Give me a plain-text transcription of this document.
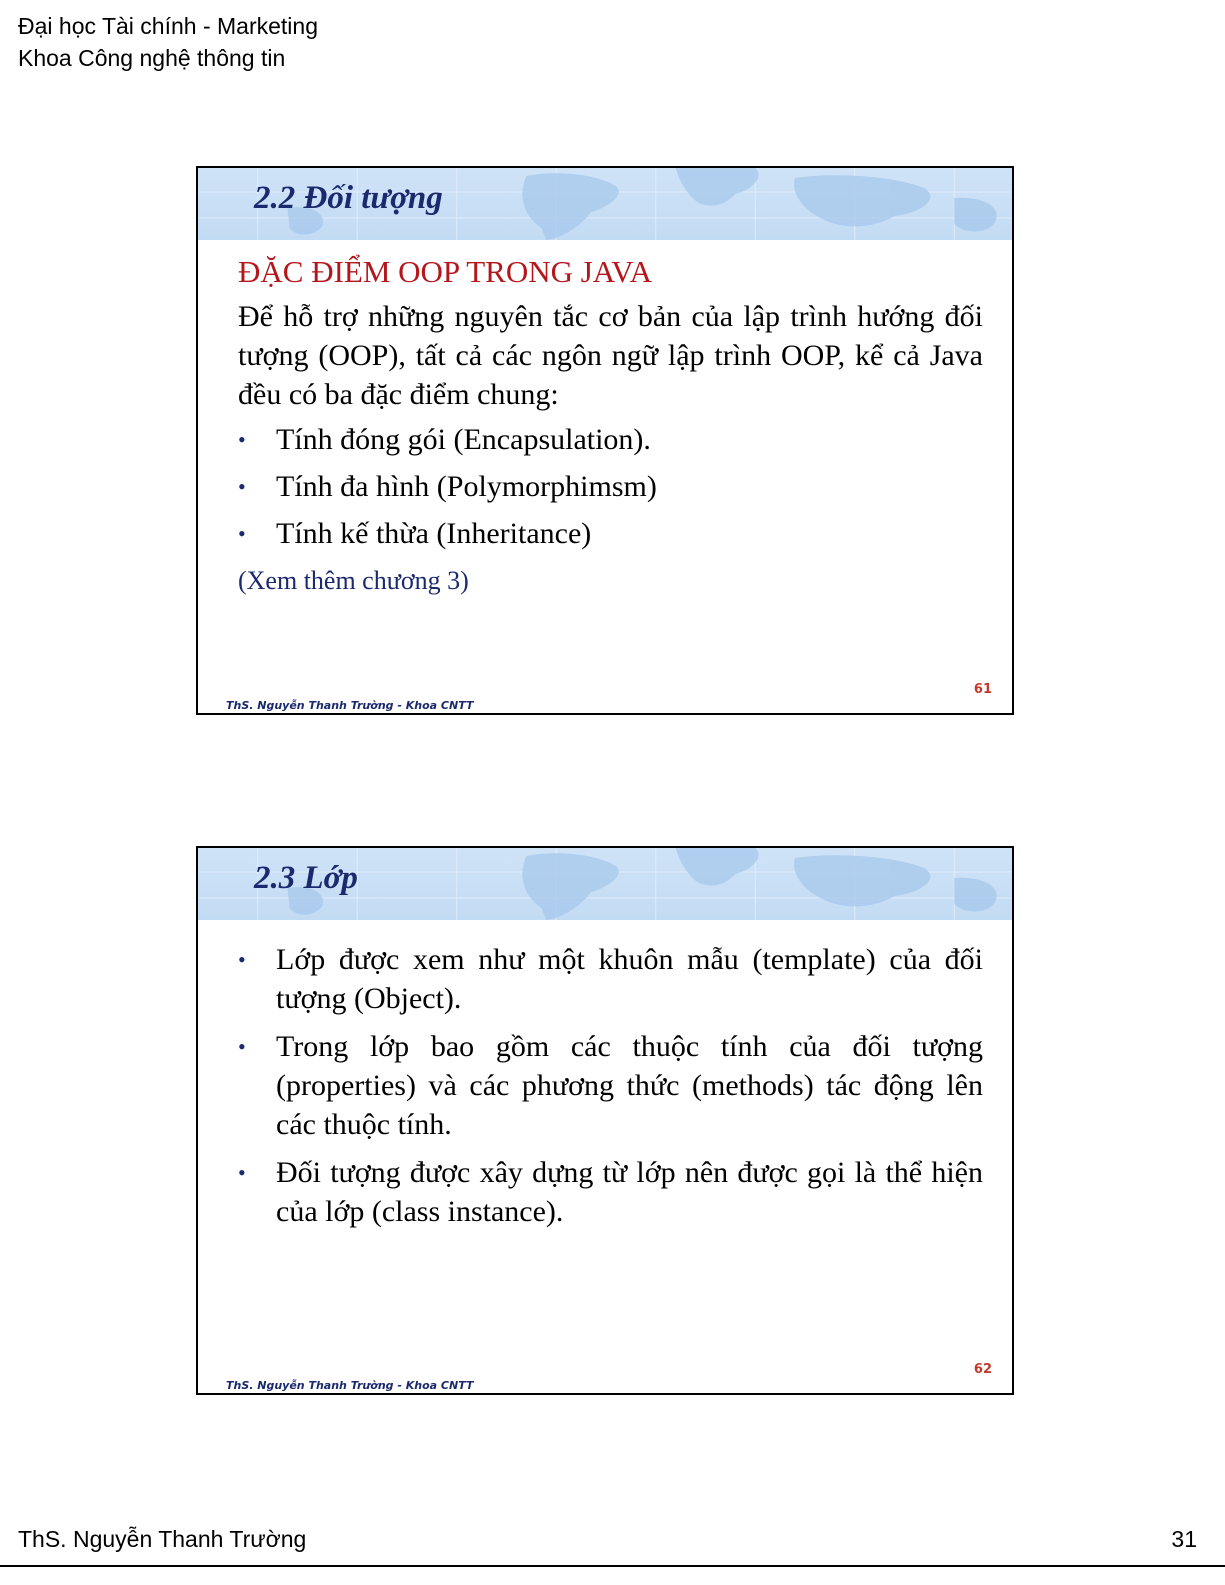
Đại học Tài chính - Marketing
Khoa Công nghệ thông tin
2.2 Đối tượng
ĐẶC ĐIỂM OOP TRONG JAVA
Để hỗ trợ những nguyên tắc cơ bản của lập trình hướng đối tượng (OOP), tất cả các ngôn ngữ lập trình OOP, kể cả Java đều có ba đặc điểm chung:
• Tính đóng gói (Encapsulation).
• Tính đa hình (Polymorphimsm)
• Tính kế thừa (Inheritance)
(Xem thêm chương 3)
ThS. Nguyễn Thanh Trường - Khoa CNTT
61
2.3 Lớp
• Lớp được xem như một khuôn mẫu (template) của đối tượng (Object).
• Trong lớp bao gồm các thuộc tính của đối tượng (properties) và các phương thức (methods) tác động lên các thuộc tính.
• Đối tượng được xây dựng từ lớp nên được gọi là thể hiện của lớp (class instance).
ThS. Nguyễn Thanh Trường - Khoa CNTT
62
ThS. Nguyễn Thanh Trường	31
